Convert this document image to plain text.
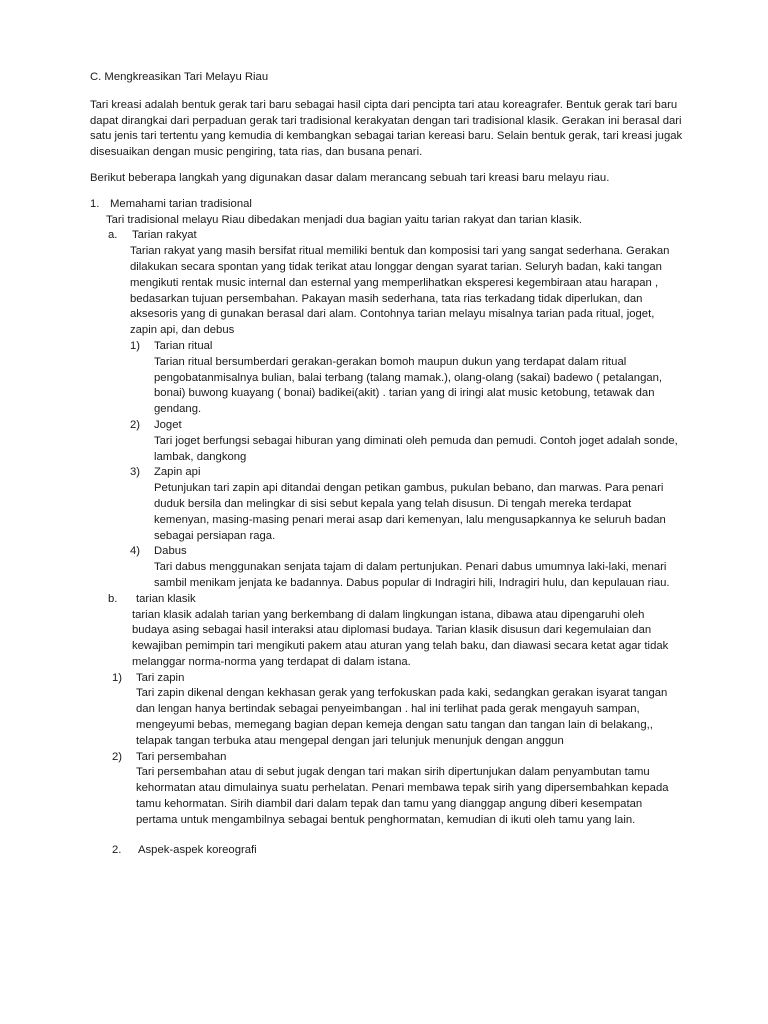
C. Mengkreasikan Tari Melayu Riau

Tari kreasi adalah bentuk gerak tari baru sebagai hasil cipta dari pencipta tari atau koreagrafer. Bentuk gerak tari baru dapat dirangkai dari perpaduan gerak tari tradisional kerakyatan dengan tari tradisional klasik. Gerakan ini berasal dari satu jenis tari tertentu yang kemudia di kembangkan sebagai tarian kereasi baru. Selain bentuk gerak, tari kreasi jugak disesuaikan dengan music pengiring, tata rias, dan busana penari.

Berikut beberapa langkah yang digunakan dasar dalam merancang sebuah tari kreasi baru melayu riau.

1. Memahami tarian tradisional

Tari tradisional melayu Riau dibedakan menjadi dua bagian yaitu tarian rakyat dan tarian klasik.

a.	Tarian rakyat

Tarian rakyat yang masih bersifat ritual memiliki bentuk dan komposisi tari yang sangat sederhana. Gerakan dilakukan secara spontan yang tidak terikat atau longgar dengan syarat tarian. Seluryh badan, kaki tangan mengikuti rentak music internal dan esternal yang memperlihatkan eksperesi kegembiraan atau harapan , bedasarkan tujuan persembahan. Pakayan masih sederhana, tata rias terkadang tidak diperlukan, dan aksesoris yang di gunakan berasal dari alam. Contohnya tarian melayu misalnya tarian pada ritual, joget, zapin api, dan debus

1)	Tarian ritual

Tarian ritual bersumberdari gerakan-gerakan bomoh maupun dukun yang terdapat dalam ritual pengobatanmisalnya bulian, balai terbang (talang mamak.), olang-olang (sakai) badewo ( petalangan, bonai) buwong kuayang ( bonai) badikei(akit) . tarian yang di iringi alat music ketobung, tetawak dan gendang.

2)	Joget

Tari joget berfungsi sebagai hiburan yang diminati oleh pemuda dan pemudi. Contoh joget adalah sonde, lambak, dangkong

3)	Zapin api

Petunjukan tari zapin api ditandai dengan petikan gambus, pukulan bebano, dan marwas. Para penari duduk bersila dan melingkar di sisi sebut kepala yang telah disusun. Di tengah mereka terdapat kemenyan, masing-masing penari merai asap dari kemenyan, lalu mengusapkannya ke seluruh badan sebagai persiapan raga.

4)	Dabus

Tari dabus menggunakan senjata tajam di dalam pertunjukan. Penari dabus umumnya laki-laki, menari sambil menikam jenjata ke badannya. Dabus popular di Indragiri hili, Indragiri hulu, dan kepulauan riau.

b.	tarian klasik

tarian klasik adalah tarian yang berkembang di dalam lingkungan istana, dibawa atau dipengaruhi oleh budaya asing sebagai hasil interaksi atau diplomasi budaya. Tarian klasik disusun dari kegemulaian dan kewajiban pemimpin tari mengikuti pakem atau aturan yang telah baku, dan diawasi secara ketat agar tidak melanggar norma-norma yang terdapat di dalam istana.

1)	Tari zapin

Tari zapin dikenal dengan kekhasan gerak yang terfokuskan pada kaki, sedangkan gerakan isyarat tangan dan lengan hanya bertindak sebagai penyeimbangan . hal ini terlihat pada gerak mengayuh sampan, mengeyumi bebas, memegang bagian depan kemeja dengan satu tangan dan tangan lain di belakang,, telapak tangan terbuka atau mengepal dengan jari telunjuk menunjuk dengan anggun

2)	Tari persembahan

Tari persembahan atau di sebut jugak dengan tari makan sirih dipertunjukan dalam penyambutan tamu kehormatan atau dimulainya suatu perhelatan. Penari membawa tepak sirih yang dipersembahkan kepada tamu kehormatan. Sirih diambil dari dalam tepak dan tamu yang dianggap angung diberi kesempatan pertama untuk mengambilnya sebagai bentuk penghormatan, kemudian di ikuti oleh tamu yang lain.

2.	Aspek-aspek koreografi
